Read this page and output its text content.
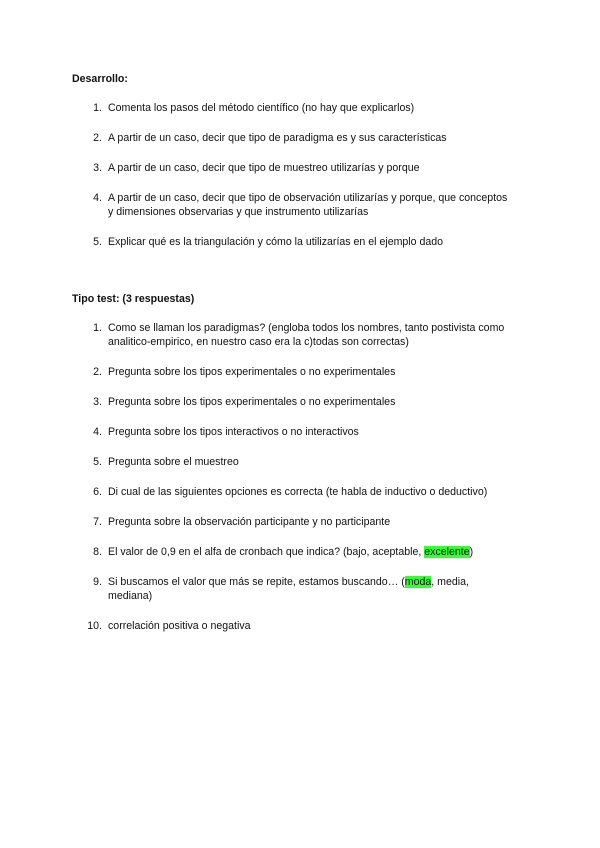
Desarrollo:

1. Comenta los pasos del método científico (no hay que explicarlos)
2. A partir de un caso, decir que tipo de paradigma es y sus características
3. A partir de un caso, decir que tipo de muestreo utilizarías y porque
4. A partir de un caso, decir que tipo de observación utilizarías y porque, que conceptos
y dimensiones observarias y que instrumento utilizarías
5. Explicar qué es la triangulación y cómo la utilizarías en el ejemplo dado

Tipo test: (3 respuestas)

1. Como se llaman los paradigmas? (engloba todos los nombres, tanto postivista como
analitico-empirico, en nuestro caso era la c)todas son correctas)
2. Pregunta sobre los tipos experimentales o no experimentales
3. Pregunta sobre los tipos experimentales o no experimentales
4. Pregunta sobre los tipos interactivos o no interactivos
5. Pregunta sobre el muestreo
6. Di cual de las siguientes opciones es correcta (te habla de inductivo o deductivo)
7. Pregunta sobre la observación participante y no participante
8. El valor de 0,9 en el alfa de cronbach que indica? (bajo, aceptable, excelente)
9. Si buscamos el valor que más se repite, estamos buscando… (moda, media,
mediana)
10. correlación positiva o negativa
